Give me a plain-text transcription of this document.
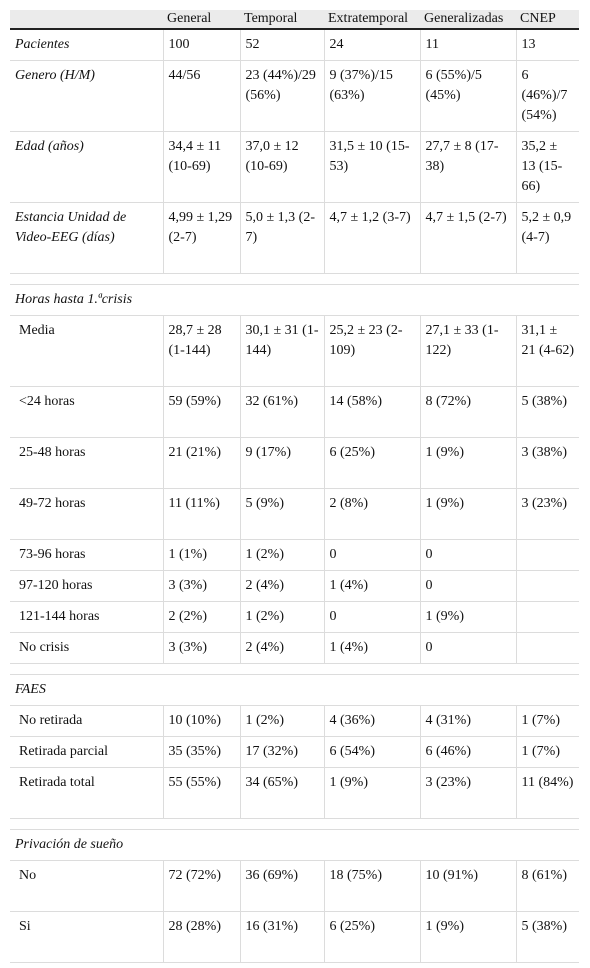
	General	Temporal	Extratemporal	Generalizadas	CNEP
Pacientes	100	52	24	11	13
Genero (H/M)	44/56	23 (44%)/29 (56%)	9 (37%)/15 (63%)	6 (55%)/5 (45%)	6 (46%)/7 (54%)
Edad (años)	34,4 ± 11 (10-69)	37,0 ± 12 (10-69)	31,5 ± 10 (15-53)	27,7 ± 8 (17-38)	35,2 ± 13 (15-66)
Estancia Unidad de Video-EEG (días)	4,99 ± 1,29 (2-7)	5,0 ± 1,3 (2-7)	4,7 ± 1,2 (3-7)	4,7 ± 1,5 (2-7)	5,2 ± 0,9 (4-7)

Horas hasta 1.ªcrisis					
Media	28,7 ± 28 (1-144)	30,1 ± 31 (1-144)	25,2 ± 23 (2-109)	27,1 ± 33 (1-122)	31,1 ± 21 (4-62)
<24 horas	59 (59%)	32 (61%)	14 (58%)	8 (72%)	5 (38%)
25-48 horas	21 (21%)	9 (17%)	6 (25%)	1 (9%)	3 (38%)
49-72 horas	11 (11%)	5 (9%)	2 (8%)	1 (9%)	3 (23%)
73-96 horas	1 (1%)	1 (2%)	0	0	
97-120 horas	3 (3%)	2 (4%)	1 (4%)	0	
121-144 horas	2 (2%)	1 (2%)	0	1 (9%)	
No crisis	3 (3%)	2 (4%)	1 (4%)	0	

FAES					
No retirada	10 (10%)	1 (2%)	4 (36%)	4 (31%)	1 (7%)
Retirada parcial	35 (35%)	17 (32%)	6 (54%)	6 (46%)	1 (7%)
Retirada total	55 (55%)	34 (65%)	1 (9%)	3 (23%)	11 (84%)

Privación de sueño					
No	72 (72%)	36 (69%)	18 (75%)	10 (91%)	8 (61%)
Si	28 (28%)	16 (31%)	6 (25%)	1 (9%)	5 (38%)
